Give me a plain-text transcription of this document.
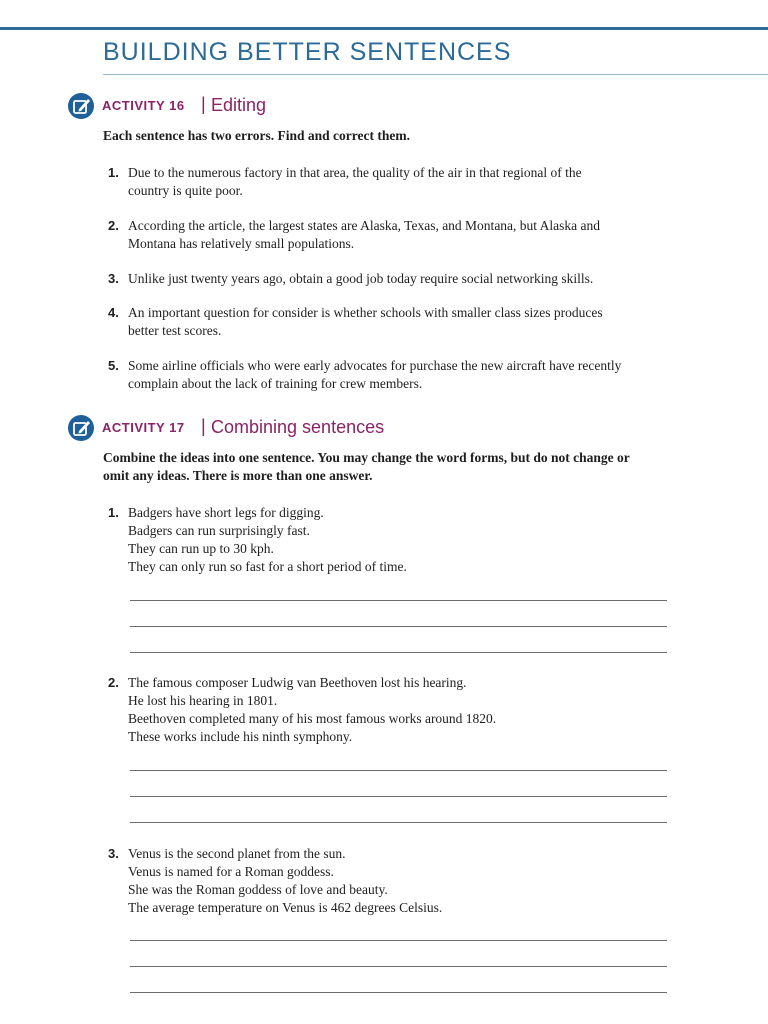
BUILDING BETTER SENTENCES
ACTIVITY 16 | Editing

Each sentence has two errors. Find and correct them.

1. Due to the numerous factory in that area, the quality of the air in that regional of the
country is quite poor.
2. According the article, the largest states are Alaska, Texas, and Montana, but Alaska and
Montana has relatively small populations.
3. Unlike just twenty years ago, obtain a good job today require social networking skills.
4. An important question for consider is whether schools with smaller class sizes produces
better test scores.
5. Some airline officials who were early advocates for purchase the new aircraft have recently
complain about the lack of training for crew members.
ACTIVITY 17 | Combining sentences
Combine the ideas into one sentence. You may change the word forms, but do not change or
omit any ideas. There is more than one answer.
1. Badgers have short legs for digging.
Badgers can run surprisingly fast.
They can run up to 30 kph.
They can only run so fast for a short period of time.
2. The famous composer Ludwig van Beethoven lost his hearing.
He lost his hearing in 1801.
Beethoven completed many of his most famous works around 1820.
These works include his ninth symphony.
3. Venus is the second planet from the sun.
Venus is named for a Roman goddess.
She was the Roman goddess of love and beauty.
The average temperature on Venus is 462 degrees Celsius.
